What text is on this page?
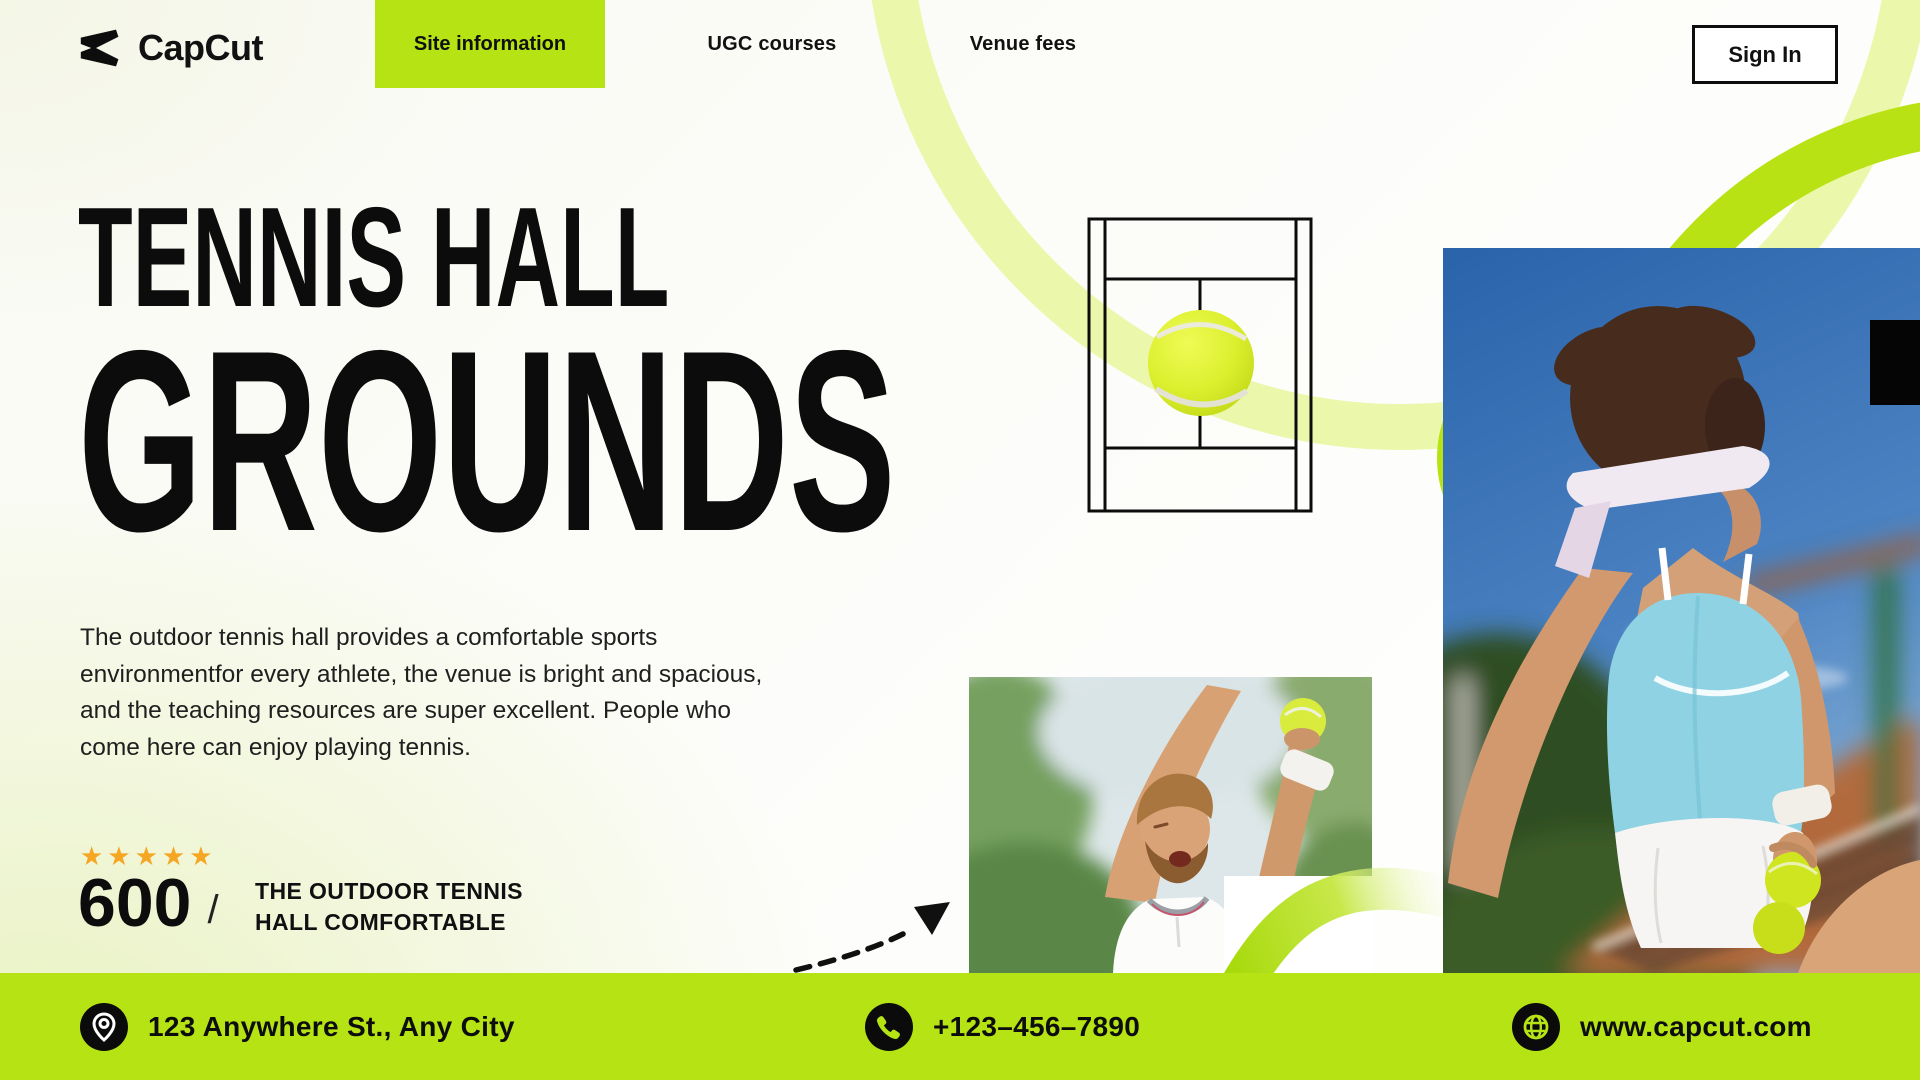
CapCut	Site information	UGC courses	Venue fees	Sign In
TENNIS HALL
GROUNDS
The outdoor tennis hall provides a comfortable sports environmentfor every athlete, the venue is bright and spacious, and the teaching resources are super excellent. People who come here can enjoy playing tennis.
★★★★★
600 / THE OUTDOOR TENNIS
HALL COMFORTABLE
123 Anywhere St., Any City	+123–456–7890	www.capcut.com
